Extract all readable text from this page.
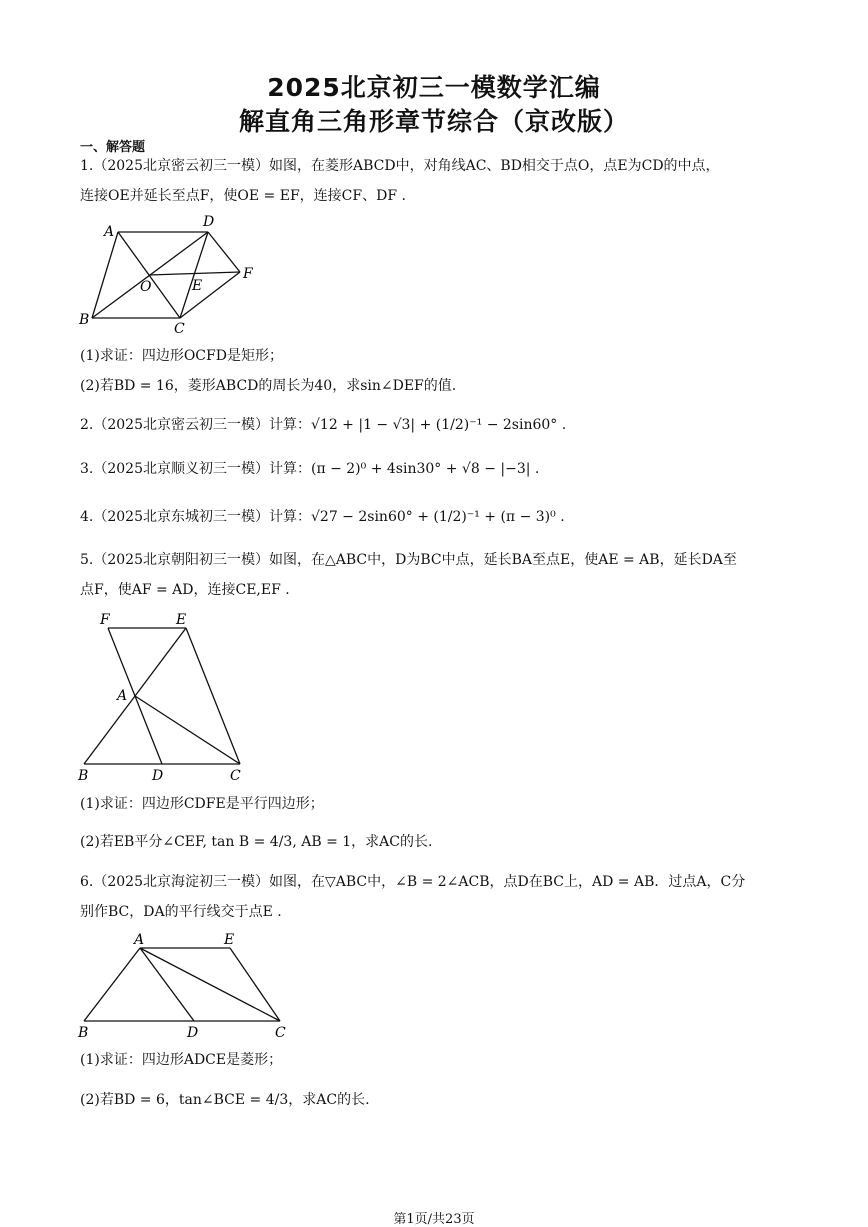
2025北京初三一模数学汇编
解直角三角形章节综合（京改版）
一、解答题
1.（2025北京密云初三一模）如图，在菱形ABCD中，对角线AC、BD相交于点O，点E为CD的中点，
连接OE并延长至点F，使OE = EF，连接CF、DF .
A
D
F
O	E
B
C
(1)求证：四边形OCFD是矩形；
(2)若BD = 16，菱形ABCD的周长为40，求sin∠DEF的值.
2.（2025北京密云初三一模）计算：√12 + |1 − √3| + (1/2)⁻¹ − 2sin60° .
3.（2025北京顺义初三一模）计算：(π − 2)⁰ + 4sin30° + √8 − |−3| .
4.（2025北京东城初三一模）计算：√27 − 2sin60° + (1/2)⁻¹ + (π − 3)⁰ .
5.（2025北京朝阳初三一模）如图，在△ABC中，D为BC中点，延长BA至点E，使AE = AB，延长DA至
点F，使AF = AD，连接CE,EF .
F	E
A
B	D	C
(1)求证：四边形CDFE是平行四边形；
(2)若EB平分∠CEF, tan B = 4/3, AB = 1，求AC的长.
6.（2025北京海淀初三一模）如图，在▽ABC中，∠B = 2∠ACB，点D在BC上，AD = AB．过点A，C分
别作BC，DA的平行线交于点E .
A	E
B	D	C
(1)求证：四边形ADCE是菱形；
(2)若BD = 6，tan∠BCE = 4/3，求AC的长.
第1页/共23页
